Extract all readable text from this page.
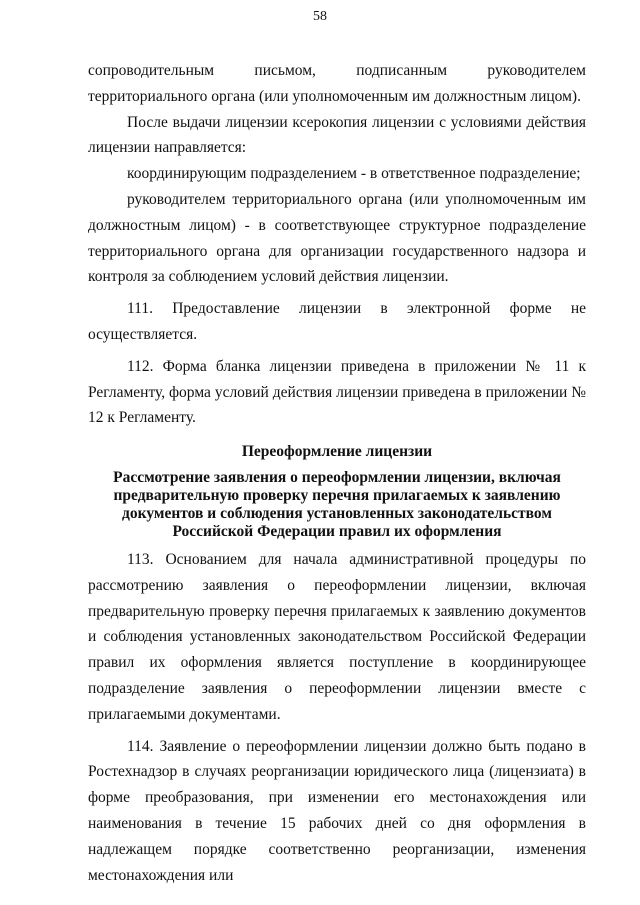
58

сопроводительным письмом, подписанным руководителем территориального органа (или уполномоченным им должностным лицом).

После выдачи лицензии ксерокопия лицензии с условиями действия лицензии направляется:

координирующим подразделением - в ответственное подразделение;

руководителем территориального органа (или уполномоченным им должностным лицом) - в соответствующее структурное подразделение территориального органа для организации государственного надзора и контроля за соблюдением условий действия лицензии.

111. Предоставление лицензии в электронной форме не осуществляется.

112. Форма бланка лицензии приведена в приложении № 11 к Регламенту, форма условий действия лицензии приведена в приложении № 12 к Регламенту.

Переоформление лицензии

Рассмотрение заявления о переоформлении лицензии, включая
предварительную проверку перечня прилагаемых к заявлению
документов и соблюдения установленных законодательством
Российской Федерации правил их оформления

113. Основанием для начала административной процедуры по рассмотрению заявления о переоформлении лицензии, включая предварительную проверку перечня прилагаемых к заявлению документов и соблюдения установленных законодательством Российской Федерации правил их оформления является поступление в координирующее подразделение заявления о переоформлении лицензии вместе с прилагаемыми документами.

114. Заявление о переоформлении лицензии должно быть подано в Ростехнадзор в случаях реорганизации юридического лица (лицензиата) в форме преобразования, при изменении его местонахождения или наименования в течение 15 рабочих дней со дня оформления в надлежащем порядке соответственно реорганизации, изменения местонахождения или
